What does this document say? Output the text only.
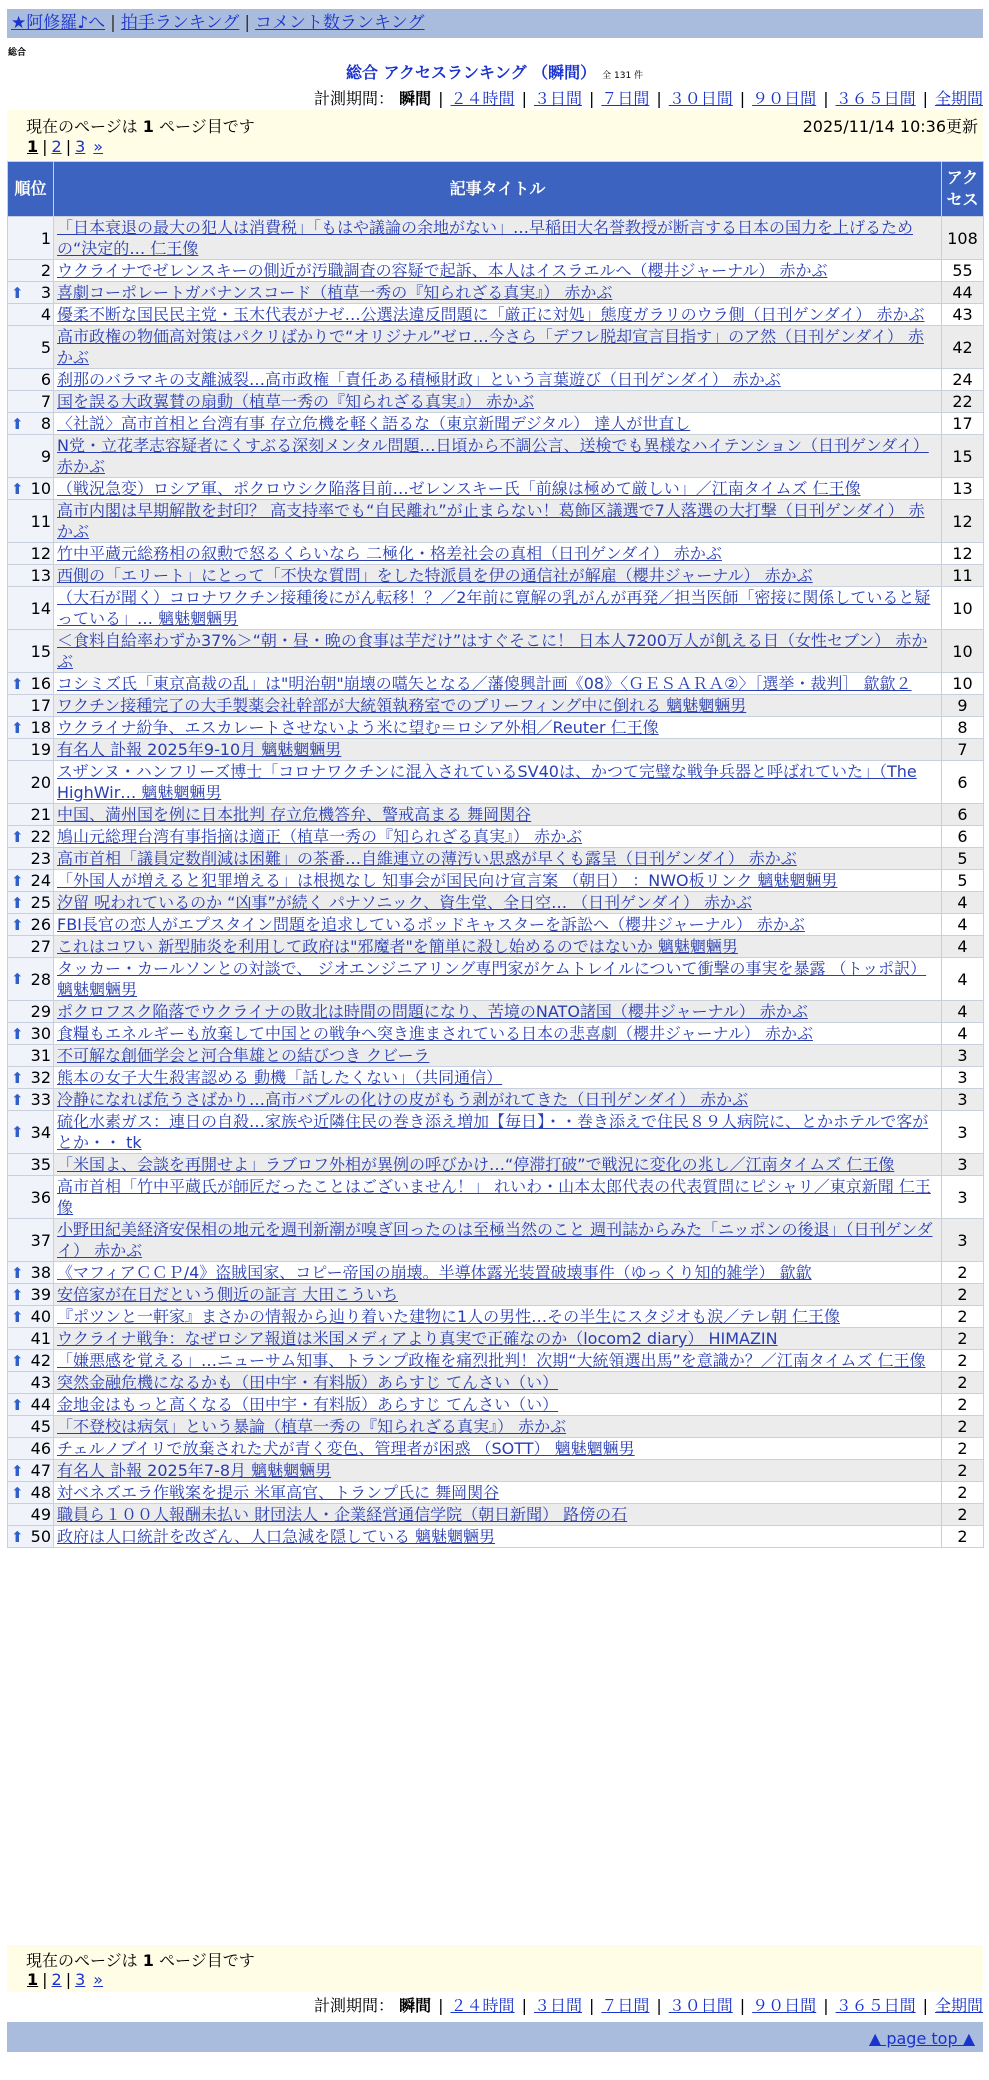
★阿修羅♪へ | 拍手ランキング | コメント数ランキング
総合
総合 アクセスランキング （瞬間） 全 131 件
計測期間： 瞬間 | ２４時間 | ３日間 | ７日間 | ３０日間 | ９０日間 | ３６５日間 | 全期間
現在のページは 1 ページ目です	2025/11/14 10:36更新
1 | 2 | 3 »
順位	記事タイトル	アクセス
1	「日本衰退の最大の犯人は消費税」「もはや議論の余地がない」…早稲田大名誉教授が断言する日本の国力を上げるための“決定的… 仁王像	108
2	ウクライナでゼレンスキーの側近が汚職調査の容疑で起訴、本人はイスラエルへ（櫻井ジャーナル） 赤かぶ	55

⬆ 3	喜劇コーポレートガバナンスコード（植草一秀の『知られざる真実』） 赤かぶ	44
4	優柔不断な国民民主党・玉木代表がナゼ…公選法違反問題に「厳正に対処」態度ガラリのウラ側（日刊ゲンダイ） 赤かぶ	43
5	高市政権の物価高対策はパクリばかりで“オリジナル”ゼロ…今さら「デフレ脱却宣言目指す」のア然（日刊ゲンダイ） 赤かぶ	42
6	刹那のバラマキの支離滅裂…高市政権「責任ある積極財政」という言葉遊び（日刊ゲンダイ） 赤かぶ	24
7	国を誤る大政翼賛の扇動（植草一秀の『知られざる真実』） 赤かぶ	22

⬆ 8	〈社説〉高市首相と台湾有事 存立危機を軽く語るな（東京新聞デジタル） 達人が世直し	17
9	N党・立花孝志容疑者にくすぶる深刻メンタル問題…日頃から不調公言、送検でも異様なハイテンション（日刊ゲンダイ） 赤かぶ	15

⬆ 10	（戦況急変）ロシア軍、ポクロウシク陥落目前…ゼレンスキー氏「前線は極めて厳しい」／江南タイムズ 仁王像	13
11	高市内閣は早期解散を封印？ 高支持率でも“自民離れ”が止まらない！葛飾区議選で7人落選の大打撃（日刊ゲンダイ） 赤かぶ	12
12	竹中平蔵元総務相の叙勲で怒るくらいなら 二極化・格差社会の真相（日刊ゲンダイ） 赤かぶ	12
13	西側の「エリート」にとって「不快な質問」をした特派員を伊の通信社が解雇（櫻井ジャーナル） 赤かぶ	11
14	（大石が聞く）コロナワクチン接種後にがん転移！？／2年前に寛解の乳がんが再発／担当医師「密接に関係していると疑っている」… 魑魅魍魎男	10
15	＜食料自給率わずか37%＞“朝・昼・晩の食事は芋だけ”はすぐそこに！ 日本人7200万人が飢える日（女性セブン） 赤かぶ	10

⬆ 16	コシミズ氏「東京高裁の乱」は"明治朝"崩壊の嚆矢となる／藩傻興計画《08》〈ＧＥＳＡＲＡ②〉［選挙・裁判］ 歙歙２	10
17	ワクチン接種完了の大手製薬会社幹部が大統領執務室でのブリーフィング中に倒れる 魑魅魍魎男	9

⬆ 18	ウクライナ紛争、エスカレートさせないよう米に望む＝ロシア外相／Reuter 仁王像	8
19	有名人 訃報 2025年9-10月 魑魅魍魎男	7
20	スザンヌ・ハンフリーズ博士「コロナワクチンに混入されているSV40は、かつて完璧な戦争兵器と呼ばれていた」（The HighWir… 魑魅魍魎男	6
21	中国、満州国を例に日本批判 存立危機答弁、警戒高まる 舞岡関谷	6

⬆ 22	鳩山元総理台湾有事指摘は適正（植草一秀の『知られざる真実』） 赤かぶ	6
23	高市首相「議員定数削減は困難」の茶番…自維連立の薄汚い思惑が早くも露呈（日刊ゲンダイ） 赤かぶ	5

⬆ 24	「外国人が増えると犯罪増える」は根拠なし 知事会が国民向け宣言案 （朝日） ：NWO板リンク 魑魅魍魎男	5

⬆ 25	汐留 呪われているのか “凶事”が続く パナソニック、資生堂、全日空… （日刊ゲンダイ） 赤かぶ	4

⬆ 26	FBI長官の恋人がエプスタイン問題を追求しているポッドキャスターを訴訟へ（櫻井ジャーナル） 赤かぶ	4
27	これはコワい 新型肺炎を利用して政府は"邪魔者"を簡単に殺し始めるのではないか 魑魅魍魎男	4

⬆ 28	タッカー・カールソンとの対談で、 ジオエンジニアリング専門家がケムトレイルについて衝撃の事実を暴露 （トッポ訳） 魑魅魍魎男	4
29	ポクロフスク陥落でウクライナの敗北は時間の問題になり、苦境のNATO諸国（櫻井ジャーナル） 赤かぶ	4

⬆ 30	食糧もエネルギーも放棄して中国との戦争へ突き進まされている日本の悲喜劇（櫻井ジャーナル） 赤かぶ	4
31	不可解な創価学会と河合隼雄との結びつき クビーラ	3

⬆ 32	熊本の女子大生殺害認める 動機「話したくない」（共同通信）	3

⬆ 33	冷静になれば危うさばかり…高市バブルの化けの皮がもう剥がれてきた（日刊ゲンダイ） 赤かぶ	3

⬆ 34	硫化水素ガス：連日の自殺…家族や近隣住民の巻き添え増加【毎日】・・巻き添えで住民８９人病院に、とかホテルで客がとか・・ tk	3
35	「米国よ、会談を再開せよ」ラブロフ外相が異例の呼びかけ…“停滞打破”で戦況に変化の兆し／江南タイムズ 仁王像	3
36	高市首相「竹中平蔵氏が師匠だったことはございません！」 れいわ・山本太郎代表の代表質問にピシャリ／東京新聞 仁王像	3
37	小野田紀美経済安保相の地元を週刊新潮が嗅ぎ回ったのは至極当然のこと 週刊誌からみた「ニッポンの後退」（日刊ゲンダイ） 赤かぶ	3

⬆ 38	《マフィアＣＣＰ/4》盗賊国家、コピー帝国の崩壊。半導体露光装置破壊事件（ゆっくり知的雑学） 歙歙	2

⬆ 39	安倍家が在日だという側近の証言 大田こういち	2

⬆ 40	『ポツンと一軒家』まさかの情報から辿り着いた建物に1人の男性…その半生にスタジオも涙／テレ朝 仁王像	2
41	ウクライナ戦争：なぜロシア報道は米国メディアより真実で正確なのか（locom2 diary） HIMAZIN	2

⬆ 42	「嫌悪感を覚える」…ニューサム知事、トランプ政権を痛烈批判！次期“大統領選出馬”を意識か？／江南タイムズ 仁王像	2
43	突然金融危機になるかも（田中宇・有料版）あらすじ てんさい（い）	2

⬆ 44	金地金はもっと高くなる（田中宇・有料版）あらすじ てんさい（い）	2
45	「不登校は病気」という暴論（植草一秀の『知られざる真実』） 赤かぶ	2
46	チェルノブイリで放棄された犬が青く変色、管理者が困惑 （SOTT） 魑魅魍魎男	2

⬆ 47	有名人 訃報 2025年7-8月 魑魅魍魎男	2

⬆ 48	対ベネズエラ作戦案を提示 米軍高官、トランプ氏に 舞岡関谷	2
49	職員ら１００人報酬未払い 財団法人・企業経営通信学院（朝日新聞） 路傍の石	2

⬆ 50	政府は人口統計を改ざん、人口急減を隠している 魑魅魍魎男	2
現在のページは 1 ページ目です
1 | 2 | 3 »
計測期間： 瞬間 | ２４時間 | ３日間 | ７日間 | ３０日間 | ９０日間 | ３６５日間 | 全期間
▲ page top ▲
